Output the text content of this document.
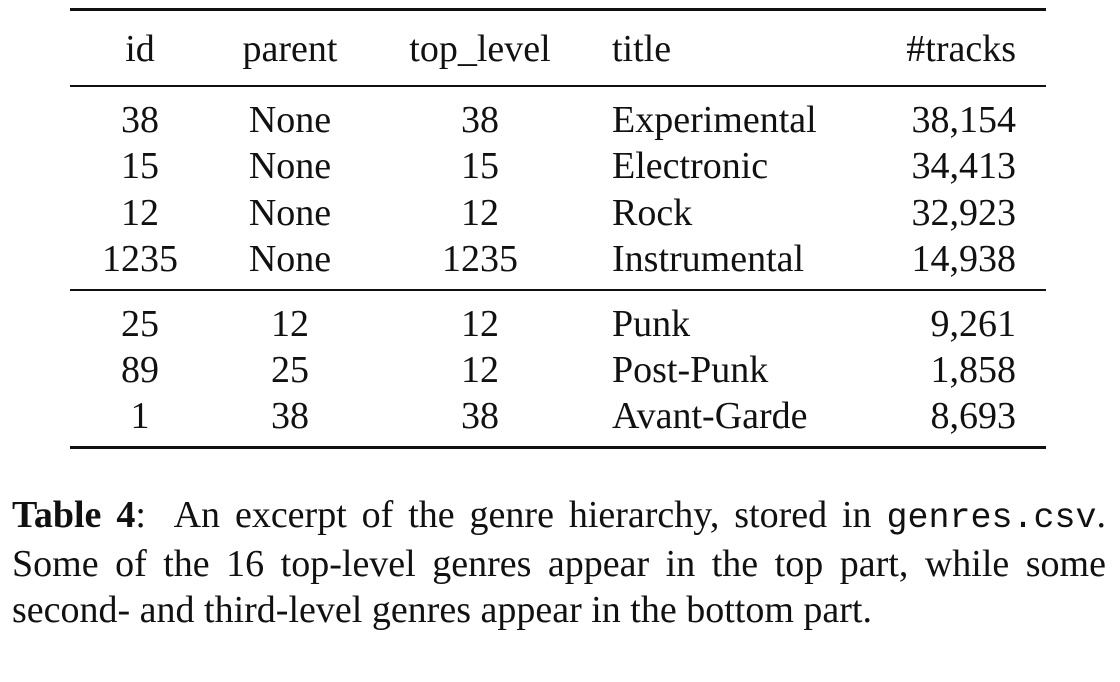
id	parent	top_level	title	#tracks
38	None	38	Experimental	38,154
15	None	15	Electronic	34,413
12	None	12	Rock	32,923
1235	None	1235	Instrumental	14,938
25	12	12	Punk	9,261
89	25	12	Post-Punk	1,858
1	38	38	Avant-Garde	8,693
Table 4: An excerpt of the genre hierarchy, stored in genres.csv. Some of the 16 top-level genres appear in the top part, while some second- and third-level genres appear in the bottom part.
